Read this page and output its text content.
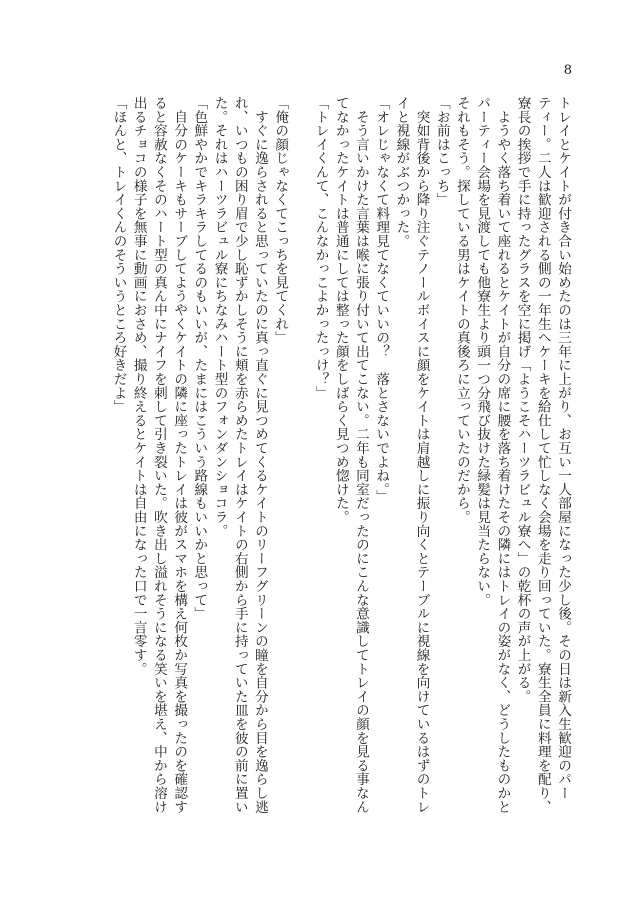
8

トレイとケイトが付き合い始めたのは三年に上がり、お互い一人部屋になった少し後。その日は新入生歓迎のパー

ティー。二人は歓迎される側の一年生へケーキを給仕して忙しなく会場を走り回っていた。寮生全員に料理を配り、

寮長の挨拶で手に持ったグラスを空に掲げ「ようこそハーツラビュル寮へ」の乾杯の声が上がる。

　ようやく落ち着いて座れるとケイトが自分の席に腰を落ち着けたその隣にはトレイの姿がなく、どうしたものかと

パーティー会場を見渡しても他寮生より頭一つ分飛び抜けた緑髪は見当たらない。

それもそう。探している男はケイトの真後ろに立っていたのだから。

「お前はこっち」

　突如背後から降り注ぐテノールボイスに顔をケイトは肩越しに振り向くとテーブルに視線を向けているはずのトレ

イと視線がぶつかった。

「オレじゃなくて料理見てなくていいの？　落とさないでよね。」

　そう言いかけた言葉は喉に張り付いて出てこない。二年も同室だったのにこんな意識してトレイの顔を見る事なん

てなかったケイトは普通にしては整った顔をしばらく見つめ惚けた。

「トレイくんて、こんなかっこよかったっけ？」

「俺の顔じゃなくてこっちを見てくれ」

　すぐに逸らされると思っていたのに真っ直ぐに見つめてくるケイトのリーフグリーンの瞳を自分から目を逸らし逃

れ、いつもの困り眉で少し恥ずかしそうに頬を赤らめたトレイはケイトの右側から手に持っていた皿を彼の前に置い

た。それはハーツラビュル寮にちなみハート型のフォンダンショコラ。

「色鮮やかでキラキラしてるのもいいが、たまにはこういう路線もいいかと思って」

　自分のケーキもサーブしてようやくケイトの隣に座ったトレイは彼がスマホを構え何枚か写真を撮ったのを確認す

ると容赦なくそのハート型の真ん中にナイフを刺して引き裂いた。吹き出し溢れそうになる笑いを堪え、中から溶け

出るチョコの様子を無事に動画におさめ、撮り終えるとケイトは自由になった口で一言零す。

「ほんと、トレイくんのそういうところ好きだよ」
